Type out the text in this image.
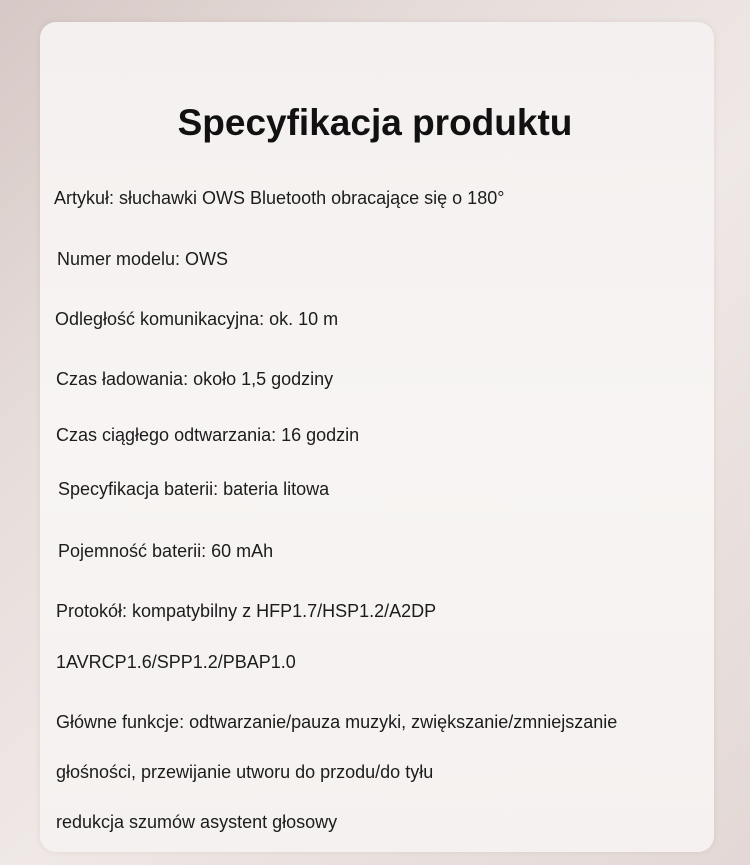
Specyfikacja produktu

Artykuł: słuchawki OWS Bluetooth obracające się o 180°

Numer modelu: OWS

Odległość komunikacyjna: ok. 10 m

Czas ładowania: około 1,5 godziny

Czas ciągłego odtwarzania: 16 godzin

Specyfikacja baterii: bateria litowa

Pojemność baterii: 60 mAh

Protokół: kompatybilny z HFP1.7/HSP1.2/A2DP

1AVRCP1.6/SPP1.2/PBAP1.0

Główne funkcje: odtwarzanie/pauza muzyki, zwiększanie/zmniejszanie

głośności, przewijanie utworu do przodu/do tyłu

redukcja szumów asystent głosowy
